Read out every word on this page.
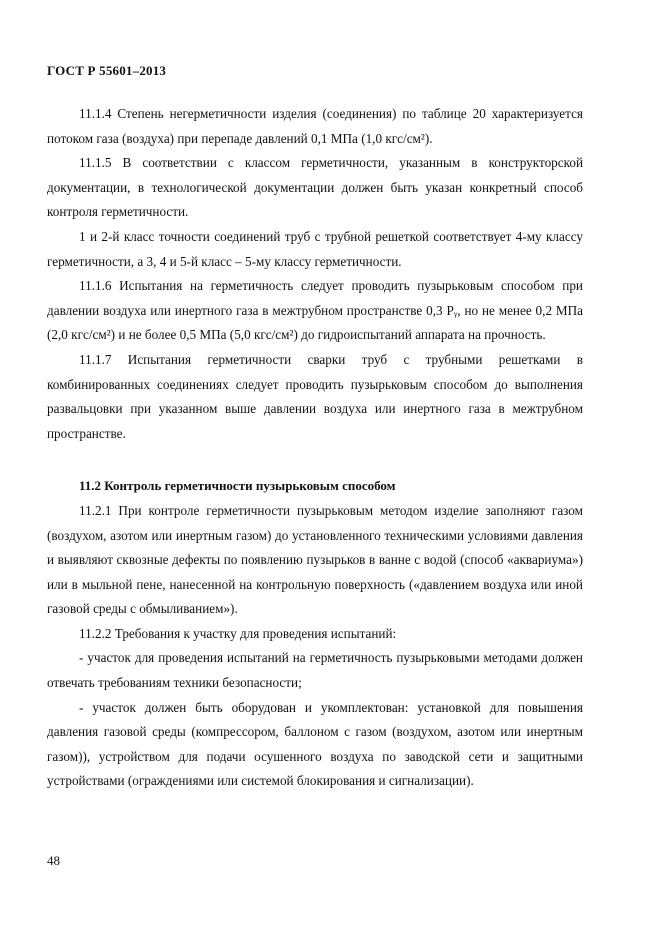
ГОСТ Р 55601–2013

11.1.4 Степень негерметичности изделия (соединения) по таблице 20 характеризуется потоком газа (воздуха) при перепаде давлений 0,1 МПа (1,0 кгс/см²).

11.1.5 В соответствии с классом герметичности, указанным в конструкторской документации, в технологической документации должен быть указан конкретный способ контроля герметичности.

1 и 2-й класс точности соединений труб с трубной решеткой соответствует 4-му классу герметичности, а 3, 4 и 5-й класс – 5-му классу герметичности.

11.1.6 Испытания на герметичность следует проводить пузырьковым способом при давлении воздуха или инертного газа в межтрубном пространстве 0,3 Pᵧ, но не менее 0,2 МПа (2,0 кгс/см²) и не более 0,5 МПа (5,0 кгс/см²) до гидроиспытаний аппарата на прочность.

11.1.7 Испытания герметичности сварки труб с трубными решетками в комбинированных соединениях следует проводить пузырьковым способом до выполнения развальцовки при указанном выше давлении воздуха или инертного газа в межтрубном пространстве.

11.2 Контроль герметичности пузырьковым способом

11.2.1 При контроле герметичности пузырьковым методом изделие заполняют газом (воздухом, азотом или инертным газом) до установленного техническими условиями давления и выявляют сквозные дефекты по появлению пузырьков в ванне с водой (способ «аквариума») или в мыльной пене, нанесенной на контрольную поверхность («давлением воздуха или иной газовой среды с обмыливанием»).

11.2.2 Требования к участку для проведения испытаний:

- участок для проведения испытаний на герметичность пузырьковыми методами должен отвечать требованиям техники безопасности;

- участок должен быть оборудован и укомплектован: установкой для повышения давления газовой среды (компрессором, баллоном с газом (воздухом, азотом или инертным газом)), устройством для подачи осушенного воздуха по заводской сети и защитными устройствами (ограждениями или системой блокирования и сигнализации).

48
